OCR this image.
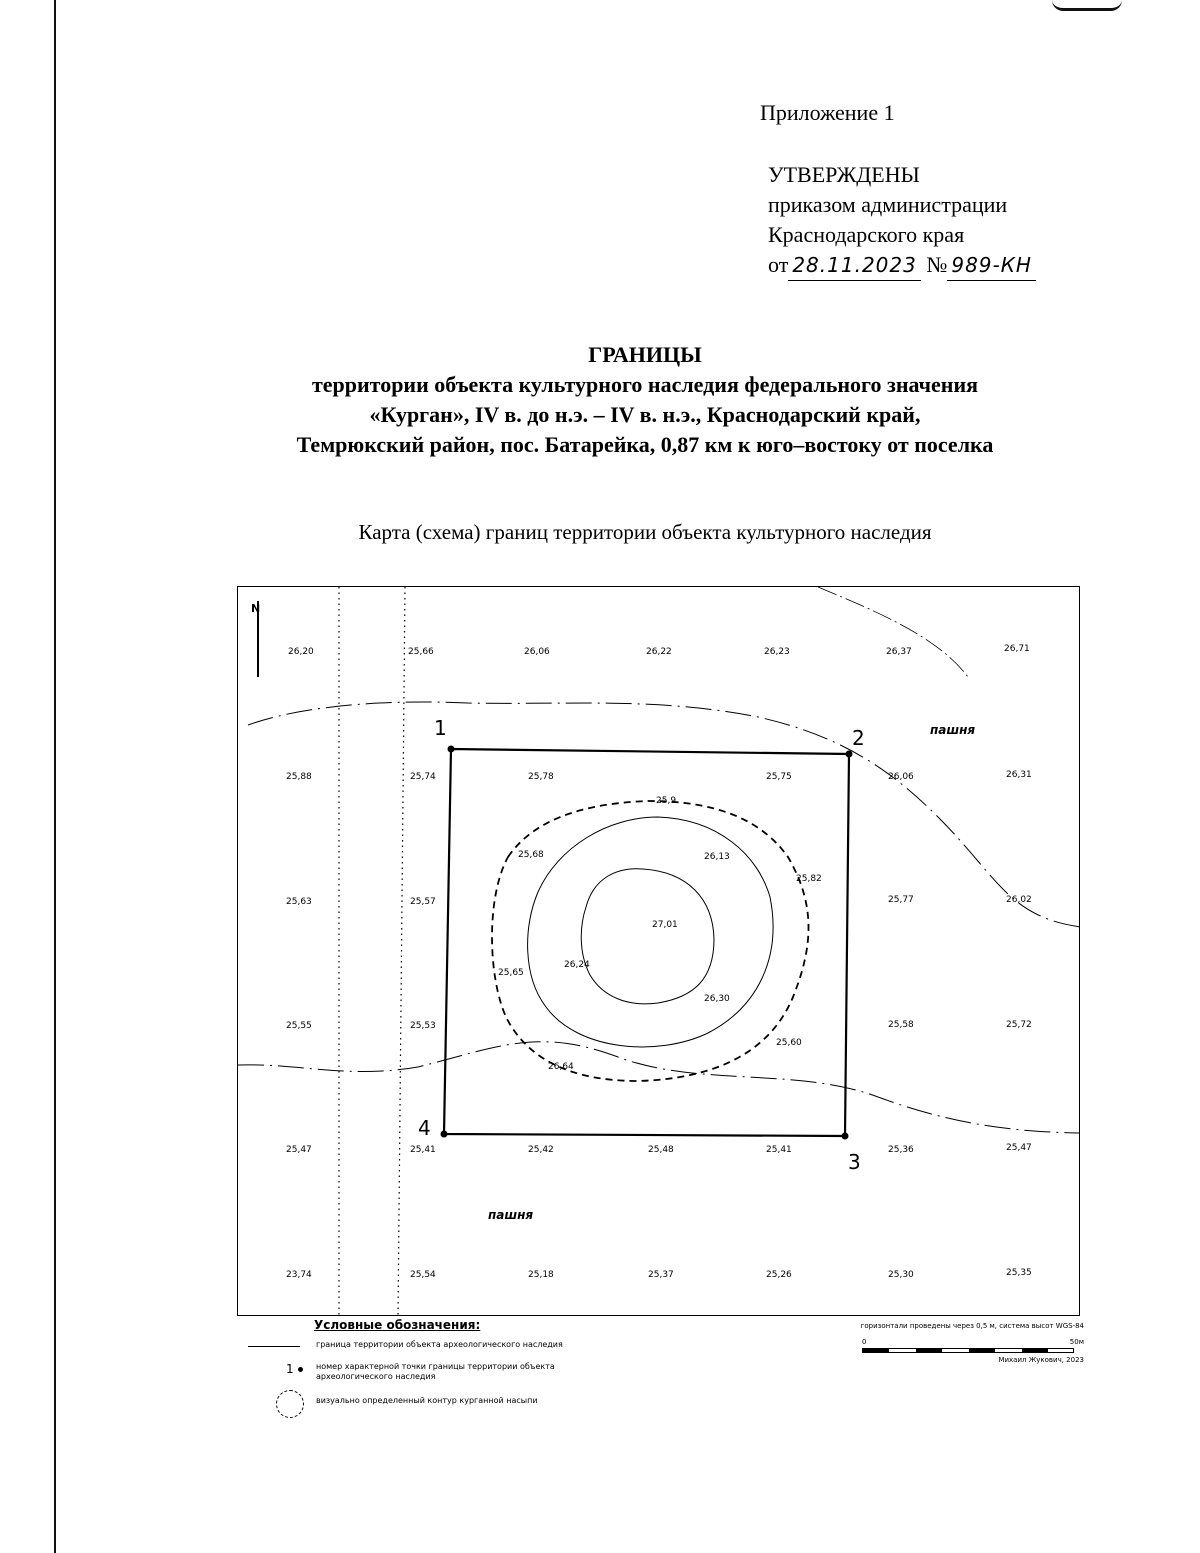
Приложение 1
УТВЕРЖДЕНЫ
приказом администрации
Краснодарского края
от 28.11.2023 № 989-КН
ГРАНИЦЫ
территории объекта культурного наследия федерального значения
«Курган», IV в. до н.э. – IV в. н.э., Краснодарский край,
Темрюкский район, пос. Батарейка, 0,87 км к юго–востоку от поселка
Карта (схема) границ территории объекта культурного наследия
1	2
3
4
N
пашня
пашня
26,20	25,66	26,06	26,22	26,23	26,37	26,71
25,88	25,74	25,78	25,75	26,06	26,31
25,63	25,57	25,77	26,02
25,55	25,53	25,58	25,72
25,47	25,41	25,42	25,48	25,41	25,36	25,47
23,74	25,54	25,18	25,37	25,26	25,30	25,35
25,9
25,68	26,13
25,82
27,01
26,24
25,65
26,30
25,60
26,64
Условные обозначения:
граница территории объекта археологического наследия
1	номер характерной точки границы территории объекта археологического наследия
визуально определенный контур курганной насыпи
горизонтали проведены через 0,5 м, система высот WGS-84
0	50м
Михаил Жукович, 2023
